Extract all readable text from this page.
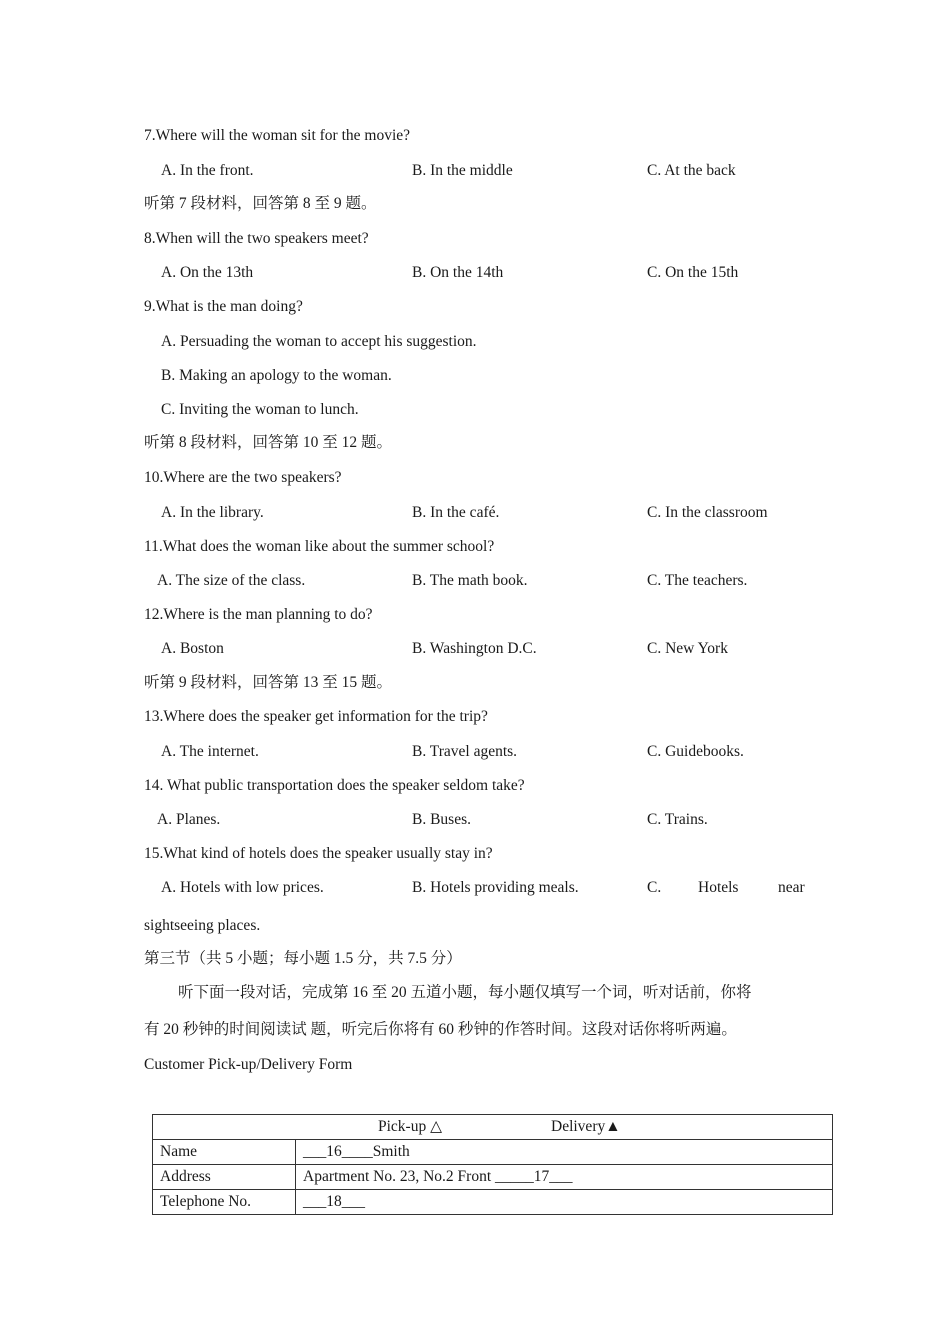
7.Where will the woman sit for the movie?
A. In the front.	B. In the middle	C. At the back
听第 7 段材料，回答第 8 至 9 题。
8.When will the two speakers meet?
A. On the 13th	B. On the 14th	C. On the 15th
9.What is the man doing?
A. Persuading the woman to accept his suggestion.
B. Making an apology to the woman.
C. Inviting the woman to lunch.
听第 8 段材料，回答第 10 至 12 题。
10.Where are the two speakers?
A. In the library.	B. In the café.	C. In the classroom
11.What does the woman like about the summer school?
A. The size of the class.	B. The math book.	C. The teachers.
12.Where is the man planning to do?
A. Boston	B. Washington D.C.	C. New York
听第 9 段材料，回答第 13 至 15 题。
13.Where does the speaker get information for the trip?
A. The internet.	B. Travel agents.	C. Guidebooks.
14. What public transportation does the speaker seldom take?
A. Planes.	B. Buses.	C. Trains.
15.What kind of hotels does the speaker usually stay in?
A. Hotels with low prices.	B. Hotels providing meals.	C. Hotels	near
sightseeing places.
第三节（共 5 小题；每小题 1.5 分，共 7.5 分）
听下面一段对话，完成第 16 至 20 五道小题，每小题仅填写一个词，听对话前，你将
有 20 秒钟的时间阅读试 题，听完后你将有 60 秒钟的作答时间。这段对话你将听两遍。
Customer Pick-up/Delivery Form
Pick-up △ Delivery▲	

Name	___16____Smith
Address	Apartment No. 23, No.2 Front _____17___
Telephone No.	___18___
